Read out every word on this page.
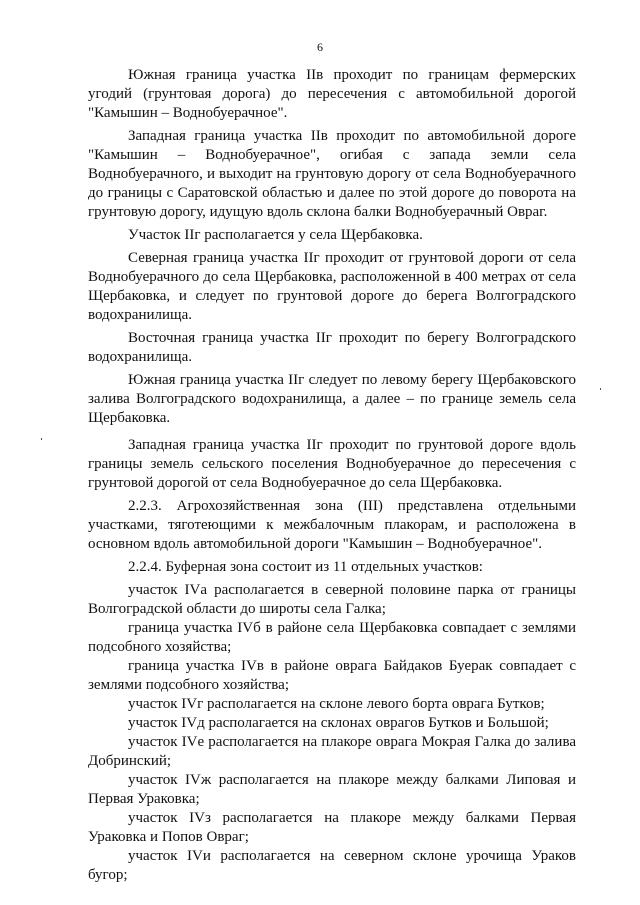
6

Южная граница участка IIв проходит по границам фермерских угодий (грунтовая дорога) до пересечения с автомобильной дорогой "Камышин – Воднобуерачное".

Западная граница участка IIв проходит по автомобильной дороге "Камышин – Воднобуерачное", огибая с запада земли села Воднобуерачного, и выходит на грунтовую дорогу от села Воднобуерачного до границы с Саратовской областью и далее по этой дороге до поворота на грунтовую дорогу, идущую вдоль склона балки Воднобуерачный Овраг.

Участок IIг располагается у села Щербаковка.

Северная граница участка IIг проходит от грунтовой дороги от села Воднобуерачного до села Щербаковка, расположенной в 400 метрах от села Щербаковка, и следует по грунтовой дороге до берега Волгоградского водохранилища.

Восточная граница участка IIг проходит по берегу Волгоградского водохранилища.

Южная граница участка IIг следует по левому берегу Щербаковского залива Волгоградского водохранилища, а далее – по границе земель села Щербаковка.

Западная граница участка IIг проходит по грунтовой дороге вдоль границы земель сельского поселения Воднобуерачное до пересечения с грунтовой дорогой от села Воднобуерачное до села Щербаковка.

2.2.3. Агрохозяйственная зона (III) представлена отдельными участками, тяготеющими к межбалочным плакорам, и расположена в основном вдоль автомобильной дороги "Камышин – Воднобуерачное".

2.2.4. Буферная зона состоит из 11 отдельных участков:

участок IVа располагается в северной половине парка от границы Волгоградской области до широты села Галка;

граница участка IVб в районе села Щербаковка совпадает с землями подсобного хозяйства;

граница участка IVв в районе оврага Байдаков Буерак совпадает с землями подсобного хозяйства;

участок IVг располагается на склоне левого борта оврага Бутков;

участок IVд располагается на склонах оврагов Бутков и Большой;

участок IVе располагается на плакоре оврага Мокрая Галка до залива Добринский;

участок IVж располагается на плакоре между балками Липовая и Первая Ураковка;

участок IVз располагается на плакоре между балками Первая Ураковка и Попов Овраг;

участок IVи располагается на северном склоне урочища Ураков бугор;
